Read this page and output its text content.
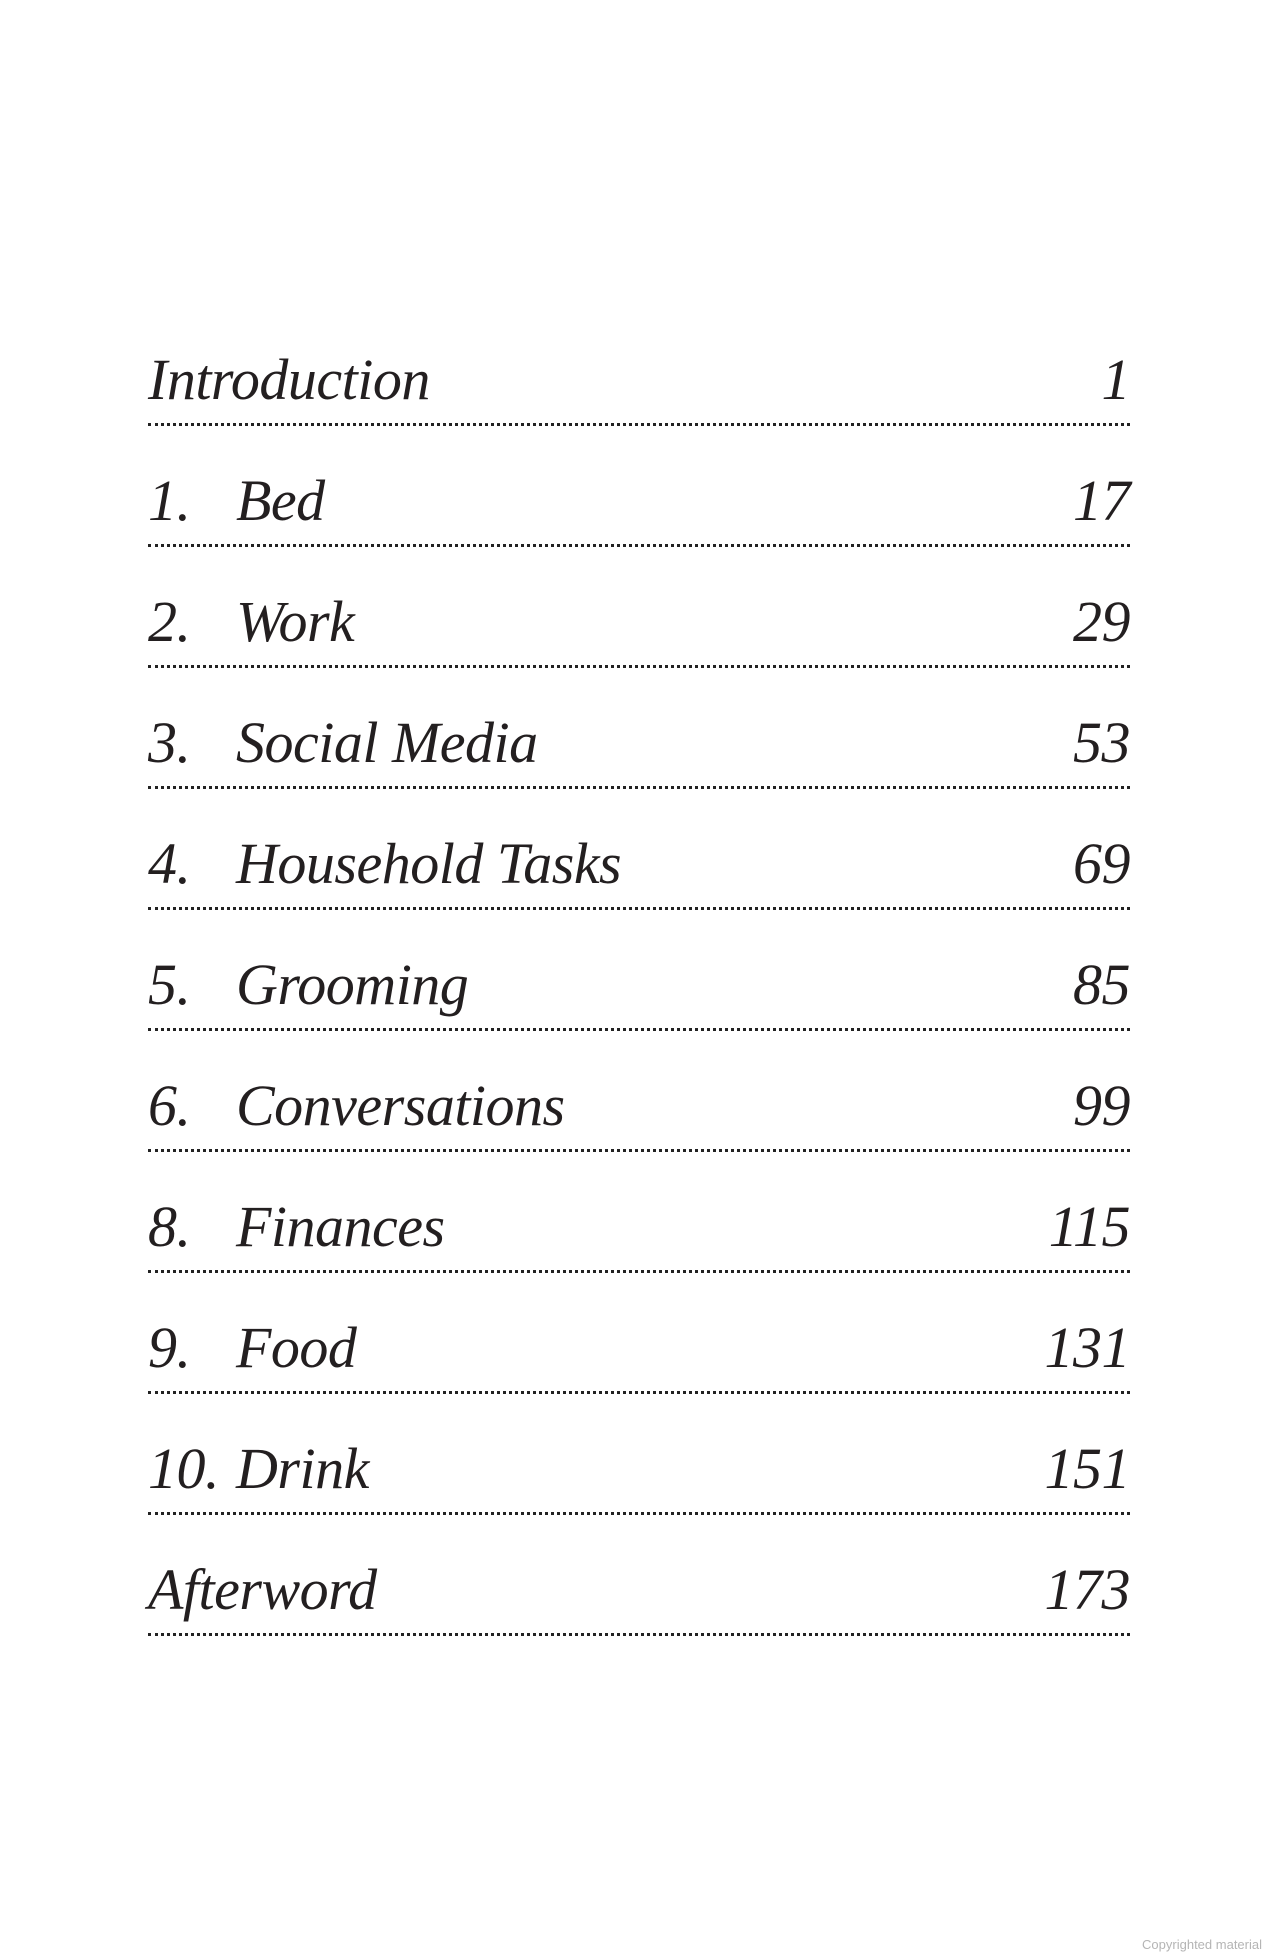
Introduction	1
1. Bed	17
2. Work	29
3. Social Media	53
4. Household Tasks	69
5. Grooming	85
6. Conversations	99
8. Finances	115
9. Food	131
10. Drink	151
Afterword	173
Copyrighted material
